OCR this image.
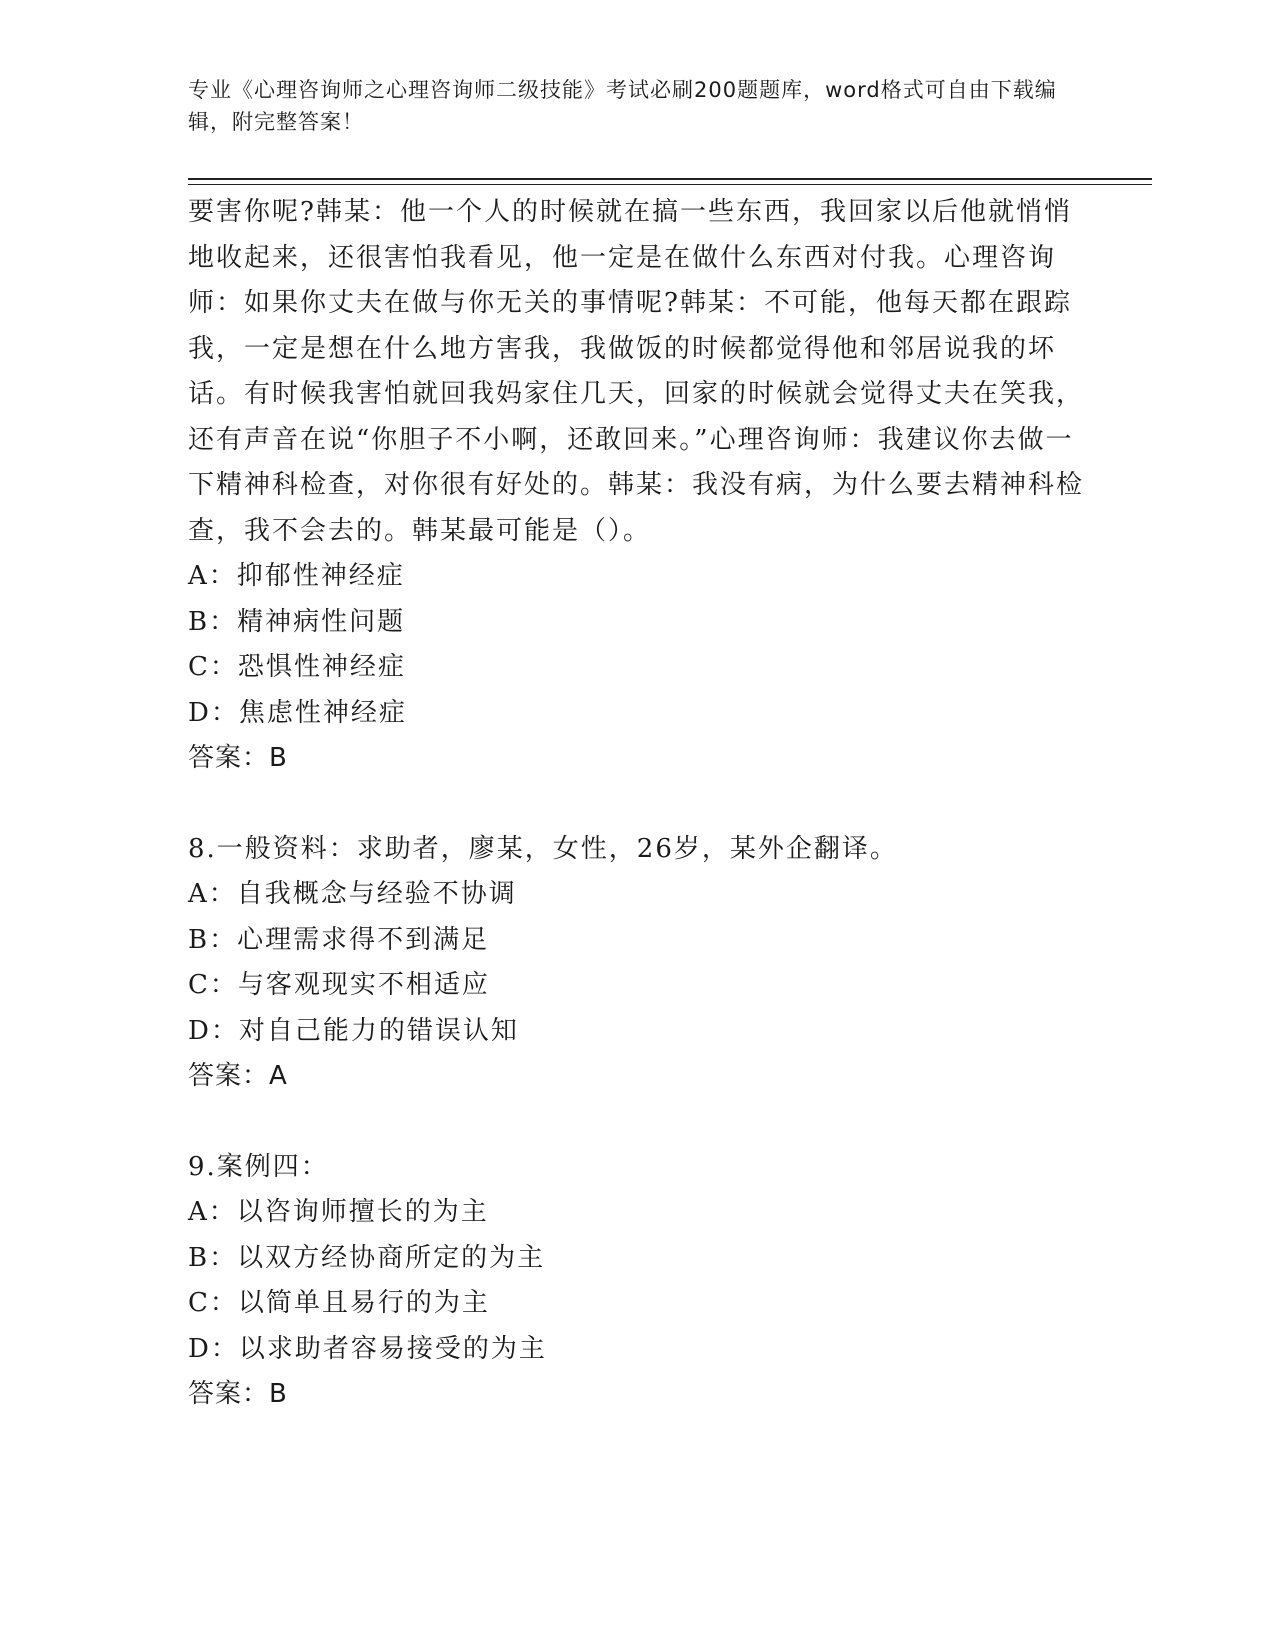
专业《心理咨询师之心理咨询师二级技能》考试必刷200题题库，word格式可自由下载编辑，附完整答案！

要害你呢?韩某：他一个人的时候就在搞一些东西，我回家以后他就悄悄地收起来，还很害怕我看见，他一定是在做什么东西对付我。心理咨询师：如果你丈夫在做与你无关的事情呢?韩某：不可能，他每天都在跟踪我，一定是想在什么地方害我，我做饭的时候都觉得他和邻居说我的坏话。有时候我害怕就回我妈家住几天，回家的时候就会觉得丈夫在笑我，还有声音在说“你胆子不小啊，还敢回来。”心理咨询师：我建议你去做一下精神科检查，对你很有好处的。韩某：我没有病，为什么要去精神科检查，我不会去的。韩某最可能是（）。

A：抑郁性神经症

B：精神病性问题

C：恐惧性神经症

D：焦虑性神经症

答案：B

8.一般资料：求助者，廖某，女性，26岁，某外企翻译。

A：自我概念与经验不协调

B：心理需求得不到满足

C：与客观现实不相适应

D：对自己能力的错误认知

答案：A

9.案例四：

A：以咨询师擅长的为主

B：以双方经协商所定的为主

C：以简单且易行的为主

D：以求助者容易接受的为主

答案：B
